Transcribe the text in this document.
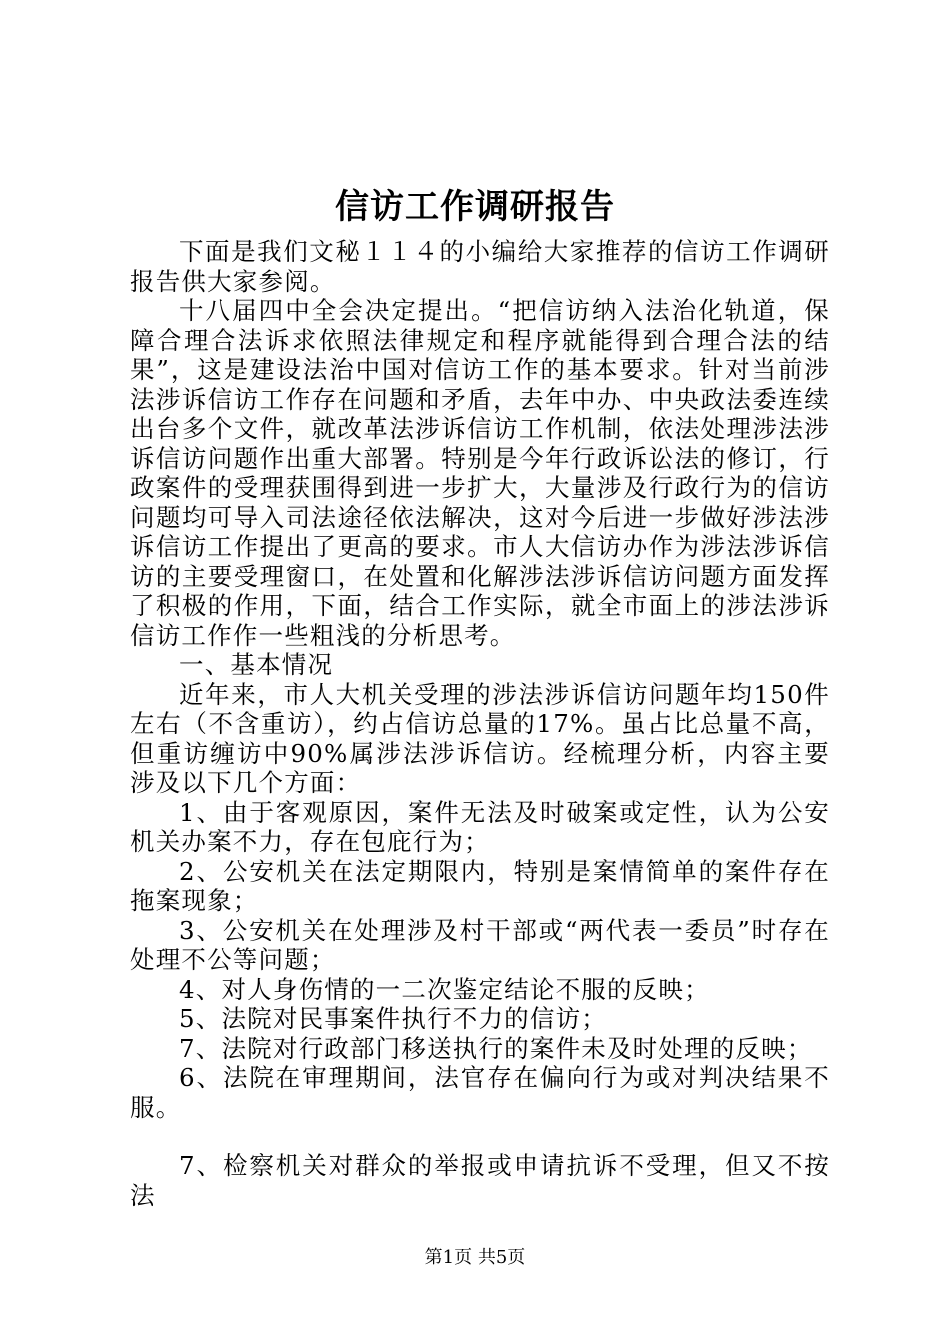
信访工作调研报告

下面是我们文秘１１４的小编给大家推荐的信访工作调研报告供大家参阅。

十八届四中全会决定提出。“把信访纳入法治化轨道，保障合理合法诉求依照法律规定和程序就能得到合理合法的结果”，这是建设法治中国对信访工作的基本要求。针对当前涉法涉诉信访工作存在问题和矛盾，去年中办、中央政法委连续出台多个文件，就改革法涉诉信访工作机制，依法处理涉法涉诉信访问题作出重大部署。特别是今年行政诉讼法的修订，行政案件的受理获围得到进一步扩大，大量涉及行政行为的信访问题均可导入司法途径依法解决，这对今后进一步做好涉法涉诉信访工作提出了更高的要求。市人大信访办作为涉法涉诉信访的主要受理窗口，在处置和化解涉法涉诉信访问题方面发挥了积极的作用，下面，结合工作实际，就全市面上的涉法涉诉信访工作作一些粗浅的分析思考。

一、基本情况

近年来，市人大机关受理的涉法涉诉信访问题年均150件左右（不含重访），约占信访总量的17%。虽占比总量不高，但重访缠访中90%属涉法涉诉信访。经梳理分析，内容主要涉及以下几个方面：

1、由于客观原因，案件无法及时破案或定性，认为公安机关办案不力，存在包庇行为；

2、公安机关在法定期限内，特别是案情简单的案件存在拖案现象；

3、公安机关在处理涉及村干部或“两代表一委员”时存在处理不公等问题；

4、对人身伤情的一二次鉴定结论不服的反映；

5、法院对民事案件执行不力的信访；

7、法院对行政部门移送执行的案件未及时处理的反映；

6、法院在审理期间，法官存在偏向行为或对判决结果不服。

7、检察机关对群众的举报或申请抗诉不受理，但又不按法

第1页 共5页
